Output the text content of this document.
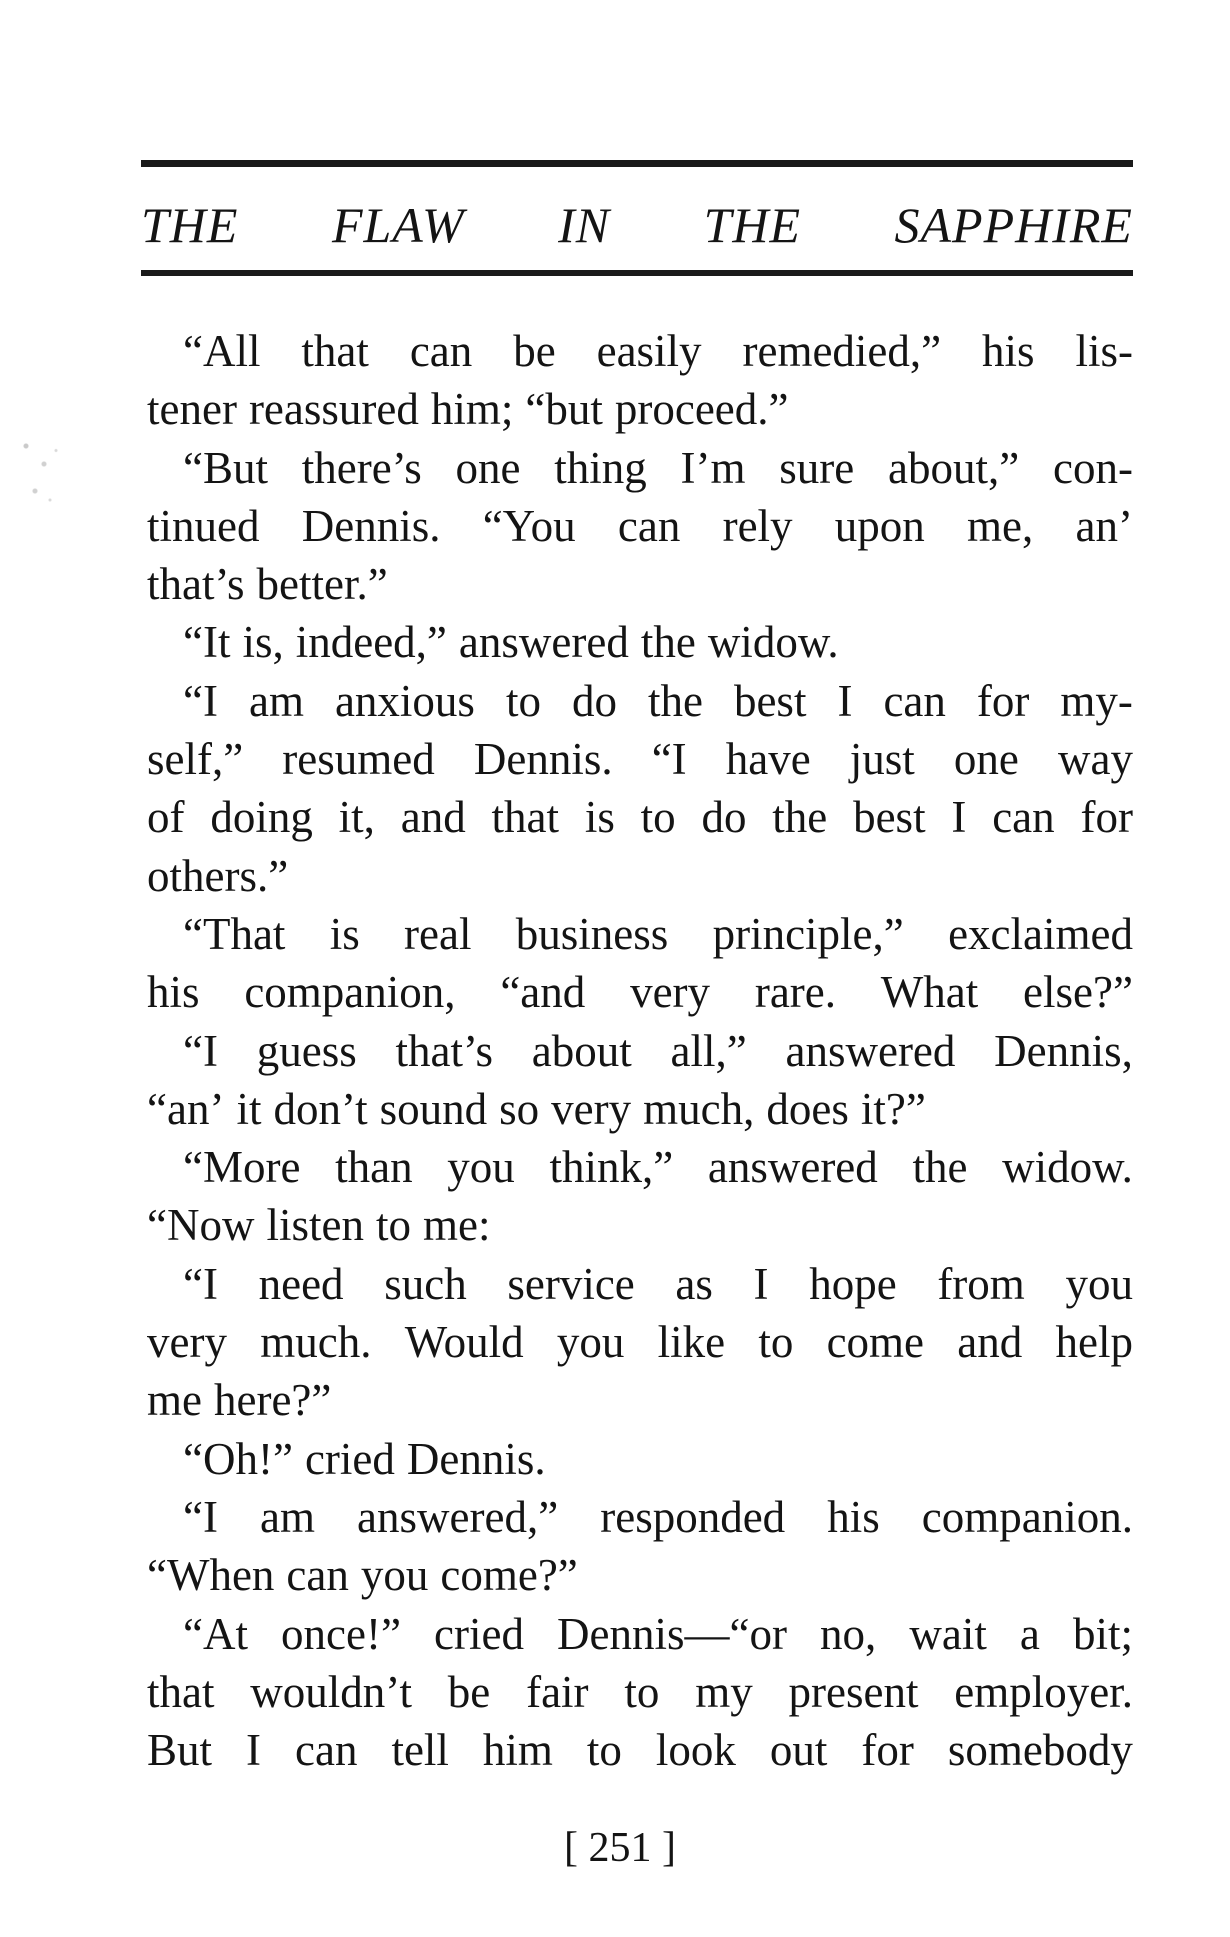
THE FLAW IN THE SAPPHIRE
“All that can be easily remedied,” his lis-
tener reassured him; “but proceed.”
“But there’s one thing I’m sure about,” con-
tinued Dennis. “You can rely upon me, an’
that’s better.”
“It is, indeed,” answered the widow.
“I am anxious to do the best I can for my-
self,” resumed Dennis. “I have just one way
of doing it, and that is to do the best I can for
others.”
“That is real business principle,” exclaimed
his companion, “and very rare. What else?”
“I guess that’s about all,” answered Dennis,
“an’ it don’t sound so very much, does it?”
“More than you think,” answered the widow.
“Now listen to me:
“I need such service as I hope from you
very much. Would you like to come and help
me here?”
“Oh!” cried Dennis.
“I am answered,” responded his companion.
“When can you come?”
“At once!” cried Dennis—“or no, wait a bit;
that wouldn’t be fair to my present employer.
But I can tell him to look out for somebody
[ 251 ]
